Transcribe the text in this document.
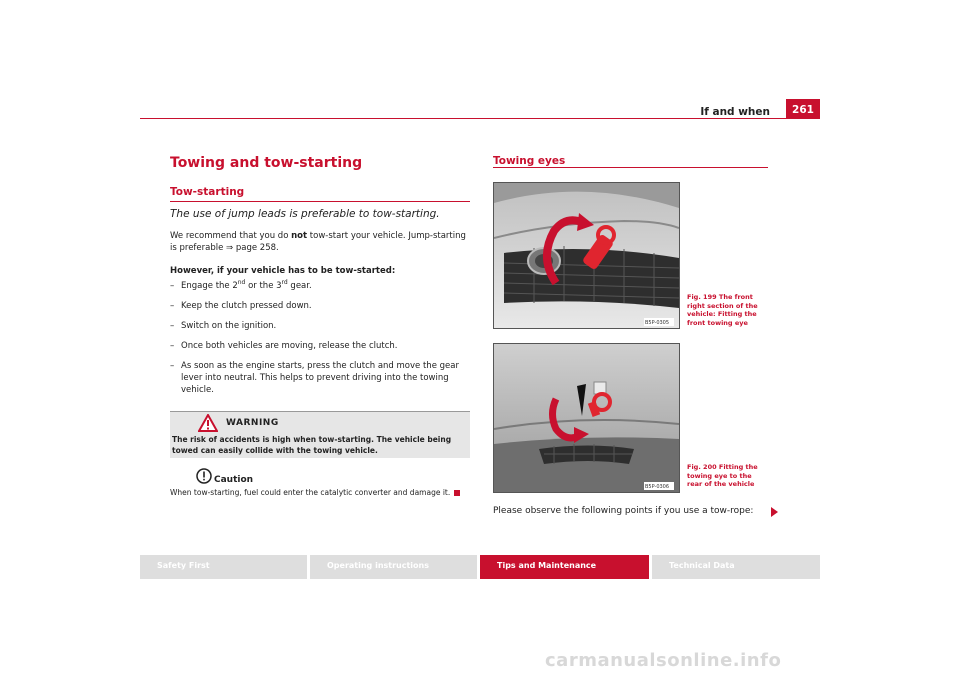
If and when	261
Towing and tow-starting
Tow-starting
The use of jump leads is preferable to tow-starting.
We recommend that you do not tow-start your vehicle. Jump-starting is preferable ⇒ page 258.
However, if your vehicle has to be tow-started:
– Engage the 2nd or the 3rd gear.
– Keep the clutch pressed down.
– Switch on the ignition.
– Once both vehicles are moving, release the clutch.
– As soon as the engine starts, press the clutch and move the gear lever into neutral. This helps to prevent driving into the towing vehicle.
WARNING
The risk of accidents is high when tow-starting. The vehicle being towed can easily collide with the towing vehicle.
Caution
When tow-starting, fuel could enter the catalytic converter and damage it.
Towing eyes
B5P-0305
Fig. 199 The front right section of the vehicle: Fitting the front towing eye
B5P-0306
Fig. 200 Fitting the towing eye to the rear of the vehicle
Please observe the following points if you use a tow-rope:
Safety First	Operating instructions	Tips and Maintenance	Technical Data
carmanualsonline.info
